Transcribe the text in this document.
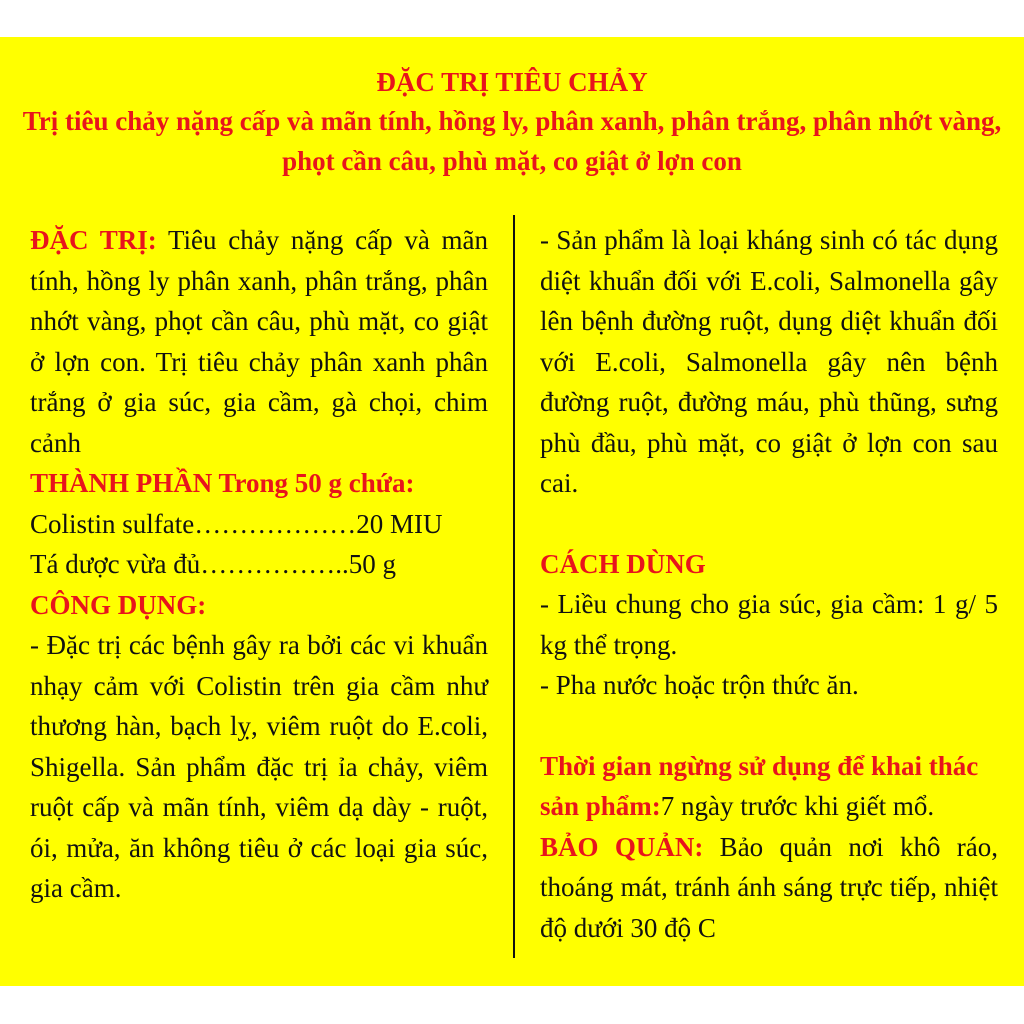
ĐẶC TRỊ TIÊU CHẢY
Trị tiêu chảy nặng cấp và mãn tính, hồng ly, phân xanh, phân trắng, phân nhớt vàng, phọt cần câu, phù mặt, co giật ở lợn con

ĐẶC TRỊ: Tiêu chảy nặng cấp và mãn tính, hồng ly phân xanh, phân trắng, phân nhớt vàng, phọt cần câu, phù mặt, co giật ở lợn con. Trị tiêu chảy phân xanh phân trắng ở gia súc, gia cầm, gà chọi, chim cảnh

THÀNH PHẦN Trong 50 g chứa:

Colistin sulfate………………20 MIU

Tá dược vừa đủ……………..50 g

CÔNG DỤNG:

- Đặc trị các bệnh gây ra bởi các vi khuẩn nhạy cảm với Colistin trên gia cầm như thương hàn, bạch lỵ, viêm ruột do E.coli, Shigella. Sản phẩm đặc trị ỉa chảy, viêm ruột cấp và mãn tính, viêm dạ dày - ruột, ói, mửa, ăn không tiêu ở các loại gia súc, gia cầm.

- Sản phẩm là loại kháng sinh có tác dụng diệt khuẩn đối với E.coli, Salmonella gây lên bệnh đường ruột, dụng diệt khuẩn đối với E.coli, Salmonella gây nên bệnh đường ruột, đường máu, phù thũng, sưng phù đầu, phù mặt, co giật ở lợn con sau cai.

CÁCH DÙNG

- Liều chung cho gia súc, gia cầm: 1 g/ 5 kg thể trọng.

- Pha nước hoặc trộn thức ăn.

Thời gian ngừng sử dụng để khai thác sản phẩm:7 ngày trước khi giết mổ.

BẢO QUẢN: Bảo quản nơi khô ráo, thoáng mát, tránh ánh sáng trực tiếp, nhiệt độ dưới 30 độ C
